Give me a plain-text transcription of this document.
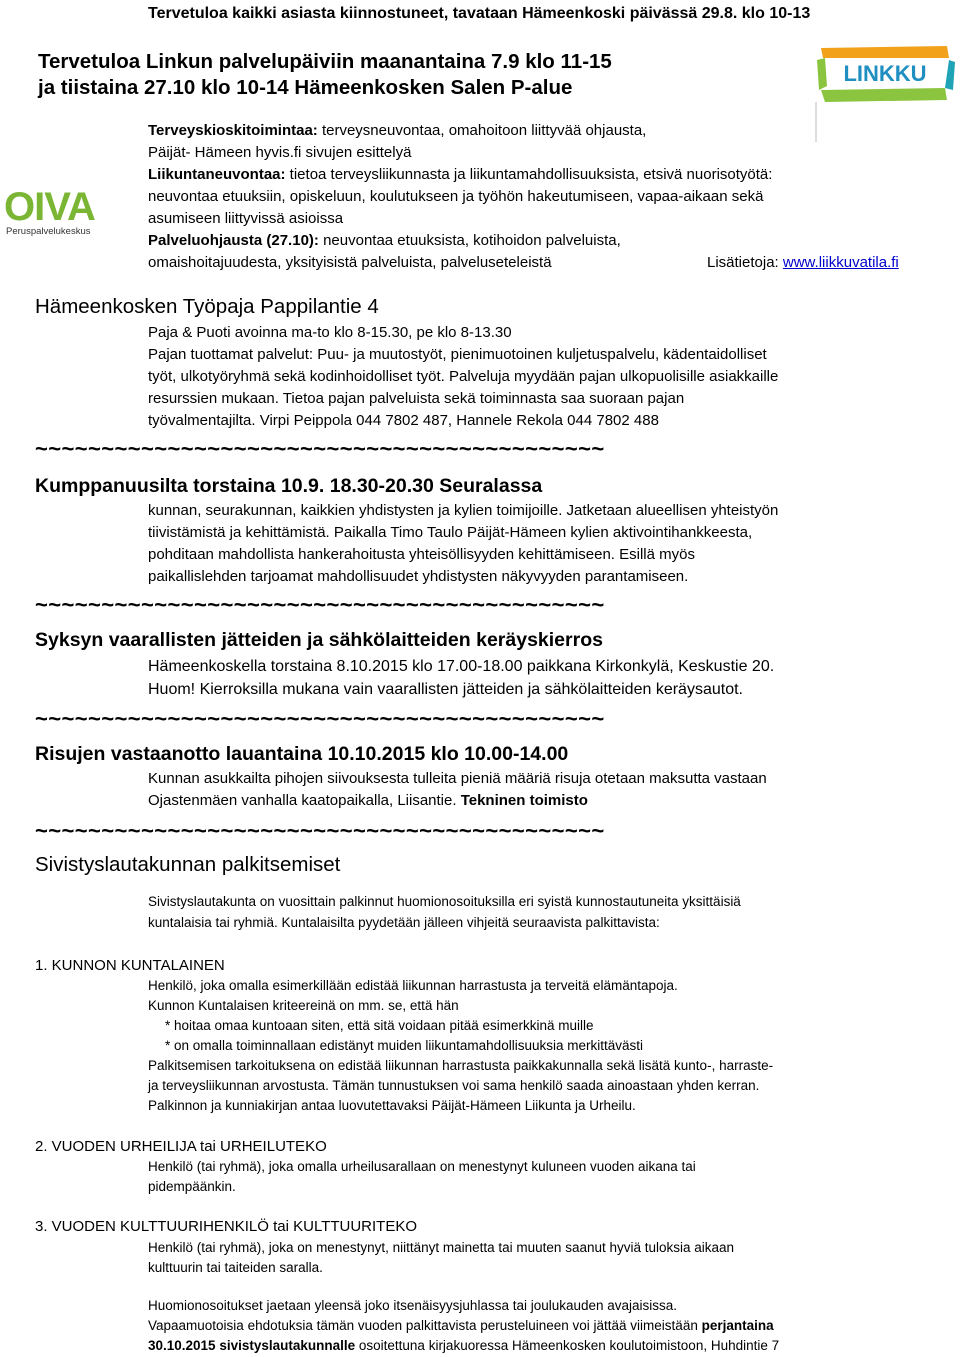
Tervetuloa kaikki asiasta kiinnostuneet, tavataan Hämeenkoski päivässä 29.8. klo 10-13
Tervetuloa Linkun palvelupäiviin maanantaina 7.9 klo 11-15
ja tiistaina 27.10 klo 10-14 Hämeenkosken Salen P-alue
LINKKU
OIVA
Peruspalvelukeskus
Terveyskioskitoimintaa: terveysneuvontaa, omahoitoon liittyvää ohjausta,
Päijät- Hämeen hyvis.fi sivujen esittelyä
Liikuntaneuvontaa: tietoa terveysliikunnasta ja liikuntamahdollisuuksista, etsivä nuorisotyötä:
neuvontaa etuuksiin, opiskeluun, koulutukseen ja työhön hakeutumiseen, vapaa-aikaan sekä
asumiseen liittyvissä asioissa
Palveluohjausta (27.10): neuvontaa etuuksista, kotihoidon palveluista,
omaishoitajuudesta, yksityisistä palveluista, palveluseteleistä	Lisätietoja: www.liikkuvatila.fi
Hämeenkosken Työpaja Pappilantie 4
Paja & Puoti avoinna ma-to klo 8-15.30, pe klo 8-13.30
Pajan tuottamat palvelut: Puu- ja muutostyöt, pienimuotoinen kuljetuspalvelu, kädentaidolliset
työt, ulkotyöryhmä sekä kodinhoidolliset työt. Palveluja myydään pajan ulkopuolisille asiakkaille
resurssien mukaan. Tietoa pajan palveluista sekä toiminnasta saa suoraan pajan
työvalmentajilta. Virpi Peippola 044 7802 487, Hannele Rekola 044 7802 488
~~~~~~~~~~~~~~~~~~~~~~~~~~~~~~~~~~~~~~~~~~~
Kumppanuusilta torstaina 10.9. 18.30-20.30 Seuralassa
kunnan, seurakunnan, kaikkien yhdistysten ja kylien toimijoille. Jatketaan alueellisen yhteistyön
tiivistämistä ja kehittämistä. Paikalla Timo Taulo Päijät-Hämeen kylien aktivointihankkeesta,
pohditaan mahdollista hankerahoitusta yhteisöllisyyden kehittämiseen. Esillä myös
paikallislehden tarjoamat mahdollisuudet yhdistysten näkyvyyden parantamiseen.
~~~~~~~~~~~~~~~~~~~~~~~~~~~~~~~~~~~~~~~~~~~
Syksyn vaarallisten jätteiden ja sähkölaitteiden keräyskierros
Hämeenkoskella torstaina 8.10.2015 klo 17.00-18.00 paikkana Kirkonkylä, Keskustie 20.
Huom! Kierroksilla mukana vain vaarallisten jätteiden ja sähkölaitteiden keräysautot.
~~~~~~~~~~~~~~~~~~~~~~~~~~~~~~~~~~~~~~~~~~~
Risujen vastaanotto lauantaina 10.10.2015 klo 10.00-14.00
Kunnan asukkailta pihojen siivouksesta tulleita pieniä määriä risuja otetaan maksutta vastaan
Ojastenmäen vanhalla kaatopaikalla, Liisantie. Tekninen toimisto
~~~~~~~~~~~~~~~~~~~~~~~~~~~~~~~~~~~~~~~~~~~
Sivistyslautakunnan palkitsemiset
Sivistyslautakunta on vuosittain palkinnut huomionosoituksilla eri syistä kunnostautuneita yksittäisiä
kuntalaisia tai ryhmiä. Kuntalaisilta pyydetään jälleen vihjeitä seuraavista palkittavista:
1. KUNNON KUNTALAINEN
Henkilö, joka omalla esimerkillään edistää liikunnan harrastusta ja terveitä elämäntapoja.
Kunnon Kuntalaisen kriteereinä on mm. se, että hän
* hoitaa omaa kuntoaan siten, että sitä voidaan pitää esimerkkinä muille
* on omalla toiminnallaan edistänyt muiden liikuntamahdollisuuksia merkittävästi
Palkitsemisen tarkoituksena on edistää liikunnan harrastusta paikkakunnalla sekä lisätä kunto-, harraste-
ja terveysliikunnan arvostusta. Tämän tunnustuksen voi sama henkilö saada ainoastaan yhden kerran.
Palkinnon ja kunniakirjan antaa luovutettavaksi Päijät-Hämeen Liikunta ja Urheilu.
2. VUODEN URHEILIJA tai URHEILUTEKO
Henkilö (tai ryhmä), joka omalla urheilusarallaan on menestynyt kuluneen vuoden aikana tai
pidempäänkin.
3. VUODEN KULTTUURIHENKILÖ tai KULTTUURITEKO
Henkilö (tai ryhmä), joka on menestynyt, niittänyt mainetta tai muuten saanut hyviä tuloksia aikaan
kulttuurin tai taiteiden saralla.
Huomionosoitukset jaetaan yleensä joko itsenäisyysjuhlassa tai joulukauden avajaisissa.
Vapaamuotoisia ehdotuksia tämän vuoden palkittavista perusteluineen voi jättää viimeistään perjantaina
30.10.2015 sivistyslautakunnalle osoitettuna kirjakuoressa Hämeenkosken koulutoimistoon, Huhdintie 7
